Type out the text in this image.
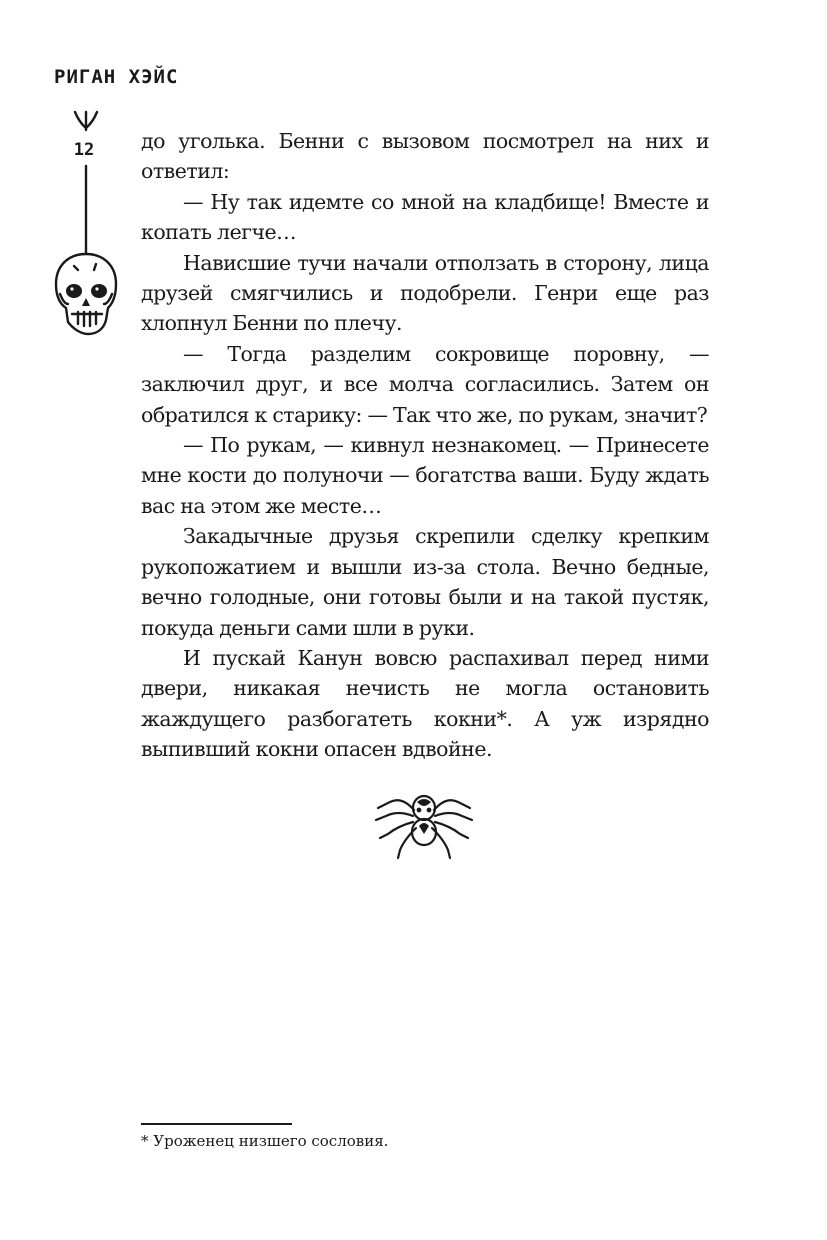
РИГАН ХЭЙС
12	до уголька. Бенни с вызовом посмотрел на них и ответил:

— Ну так идемте со мной на кладбище! Вместе и копать легче…

Нависшие тучи начали отползать в сторону, лица друзей смягчились и подобрели. Генри еще раз хлопнул Бенни по плечу.

— Тогда разделим сокровище поровну, — заключил друг, и все молча согласились. Затем он обратился к старику: — Так что же, по рукам, значит?

— По рукам, — кивнул незнакомец. — Принесете мне кости до полуночи — богатства ваши. Буду ждать вас на этом же месте…

Закадычные друзья скрепили сделку крепким рукопожатием и вышли из-за стола. Вечно бедные, вечно голодные, они готовы были и на такой пустяк, покуда деньги сами шли в руки.

И пускай Канун вовсю распахивал перед ними двери, никакая нечисть не могла остановить жаждущего разбогатеть кокни*. А уж изрядно выпивший кокни опасен вдвойне.

* Уроженец низшего сословия.
